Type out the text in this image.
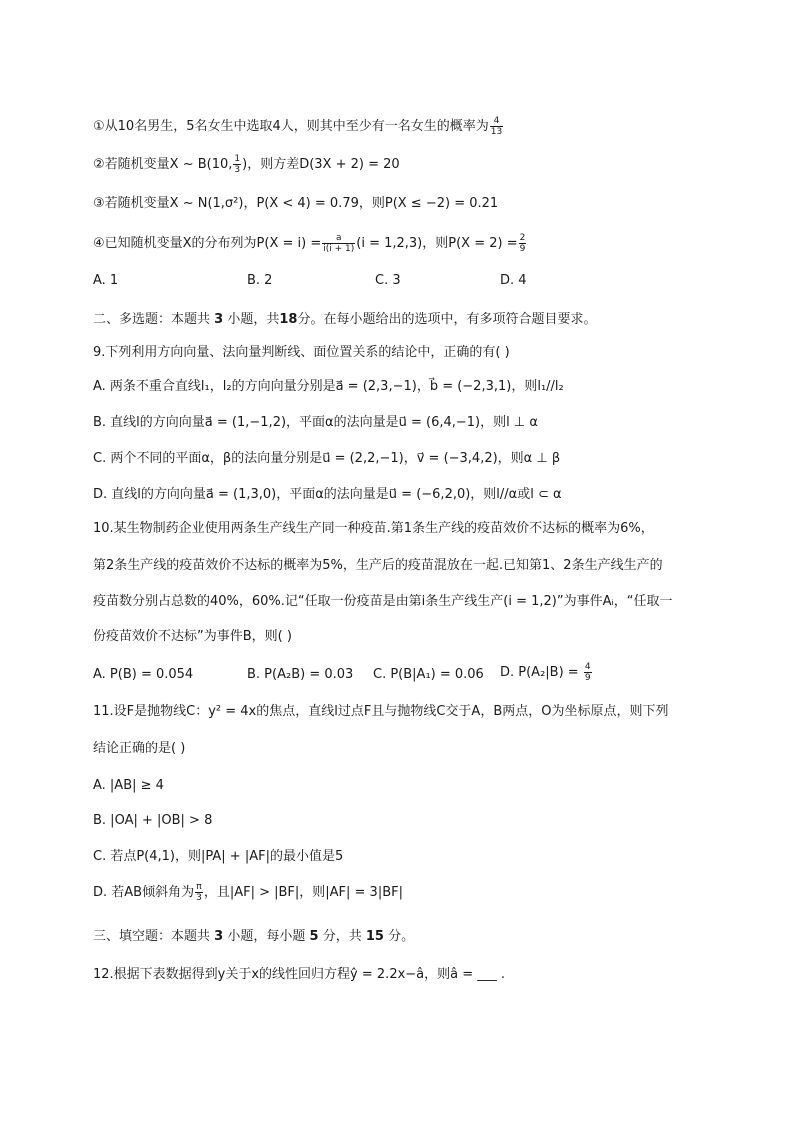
①从10名男生，5名女生中选取4人，则其中至少有一名女生的概率为 $\frac{4}{13}$
②若随机变量X ~ B(10, $\frac{1}{3}$ )，则方差D(3X + 2) = 20
③若随机变量X ~ N(1,σ²)，P(X < 4) = 0.79，则P(X ≤ −2) = 0.21
④已知随机变量X的分布列为$P(X = i) = \frac{a}{i(i + 1)} (i = 1,2,3)$，则$P(X = 2) = \frac{2}{9}$
A. 1	B. 2	C. 3	D. 4
二、多选题：本题共 3 小题，共18分。在每小题给出的选项中，有多项符合题目要求。
9.下列利用方向向量、法向量判断线、面位置关系的结论中，正确的有( )
A. 两条不重合直线l₁，l₂的方向向量分别是a⃗ = (2,3,−1)，b⃗ = (−2,3,1)，则l₁//l₂
B. 直线l的方向向量a⃗ = (1,−1,2)，平面α的法向量是u⃗ = (6,4,−1)，则l ⊥ α
C. 两个不同的平面α，β的法向量分别是u⃗ = (2,2,−1)，v⃗ = (−3,4,2)，则α ⊥ β
D. 直线l的方向向量a⃗ = (1,3,0)，平面α的法向量是u⃗ = (−6,2,0)，则l//α或l ⊂ α
10.某生物制药企业使用两条生产线生产同一种疫苗.第1条生产线的疫苗效价不达标的概率为6%，
第2条生产线的疫苗效价不达标的概率为5%，生产后的疫苗混放在一起.已知第1、2条生产线生产的
疫苗数分别占总数的40%，60%.记“任取一份疫苗是由第i条生产线生产(i = 1,2)”为事件Aᵢ，“任取一
份疫苗效价不达标”为事件B，则( )
A. P(B) = 0.054	B. P(A₂B) = 0.03 C. P(B|A₁) = 0.06 D. $P(A_2|B) = \frac{4}{9}$
11.设F是抛物线C：y² = 4x的焦点，直线l过点F且与抛物线C交于A，B两点，O为坐标原点，则下列
结论正确的是( )
A. |AB| ≥ 4
B. |OA| + |OB| > 8
C. 若点P(4,1)，则|PA| + |AF|的最小值是5
D. 若AB倾斜角为 $\frac{\pi}{3}$ ，且|AF| > |BF|，则|AF| = 3|BF|
三、填空题：本题共 3 小题，每小题 5 分，共 15 分。
12.根据下表数据得到y关于x的线性回归方程ŷ = 2.2x−â，则â = ___ .
